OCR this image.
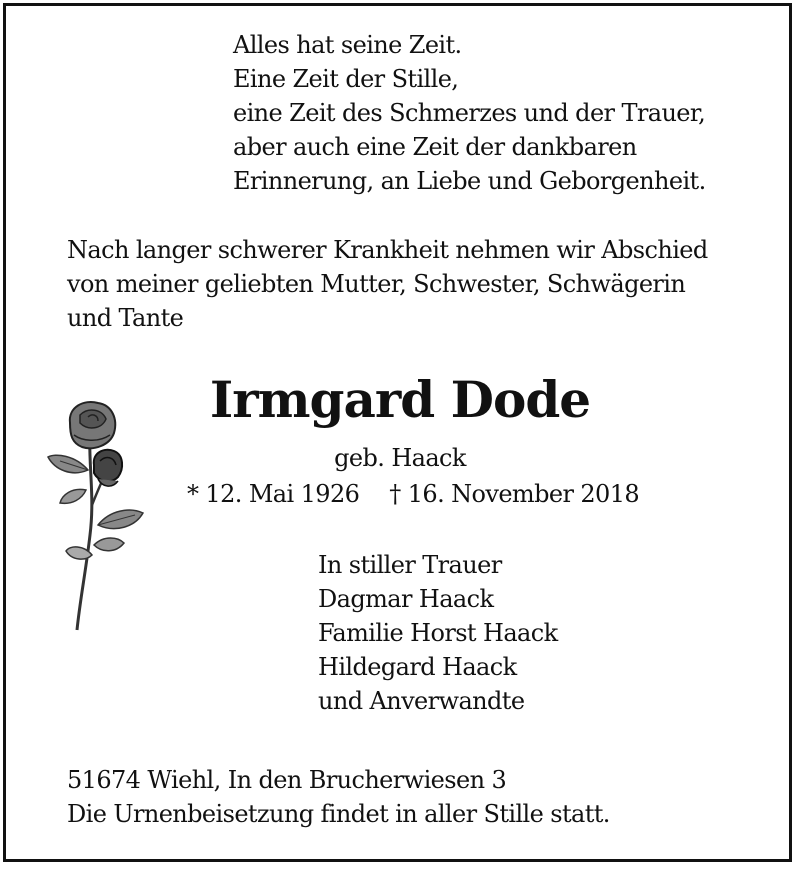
Alles hat seine Zeit.
Eine Zeit der Stille,
eine Zeit des Schmerzes und der Trauer,
aber auch eine Zeit der dankbaren
Erinnerung, an Liebe und Geborgenheit.
Nach langer schwerer Krankheit nehmen wir Abschied
von meiner geliebten Mutter, Schwester, Schwägerin
und Tante
Irmgard Dode
geb. Haack
* 12. Mai 1926 † 16. November 2018
In stiller Trauer
Dagmar Haack
Familie Horst Haack
Hildegard Haack
und Anverwandte
51674 Wiehl, In den Brucherwiesen 3
Die Urnenbeisetzung findet in aller Stille statt.
